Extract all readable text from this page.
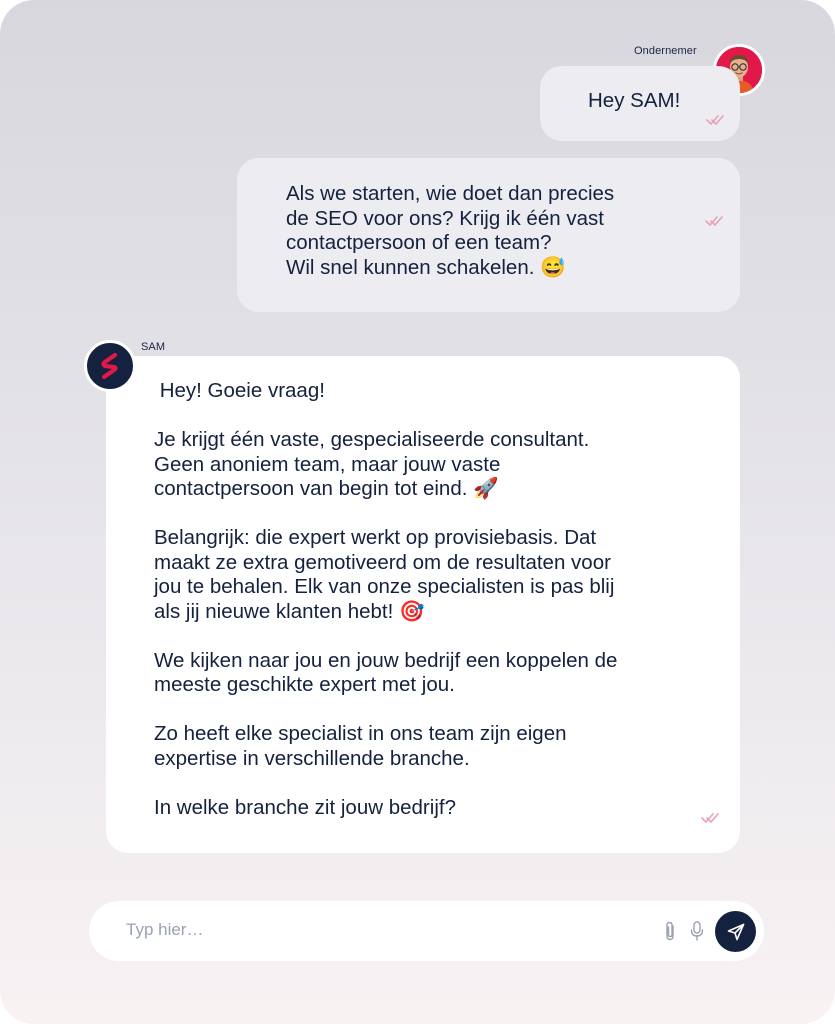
Ondernemer
Hey SAM!
Als we starten, wie doet dan precies
de SEO voor ons? Krijg ik één vast
contactpersoon of een team?
Wil snel kunnen schakelen. 😅
SAM
Hey! Goeie vraag!
Je krijgt één vaste, gespecialiseerde consultant.
Geen anoniem team, maar jouw vaste
contactpersoon van begin tot eind. 🚀
Belangrijk: die expert werkt op provisiebasis. Dat
maakt ze extra gemotiveerd om de resultaten voor
jou te behalen. Elk van onze specialisten is pas blij
als jij nieuwe klanten hebt! 🎯
We kijken naar jou en jouw bedrijf een koppelen de
meeste geschikte expert met jou.
Zo heeft elke specialist in ons team zijn eigen
expertise in verschillende branche.
In welke branche zit jouw bedrijf?
Typ hier…
